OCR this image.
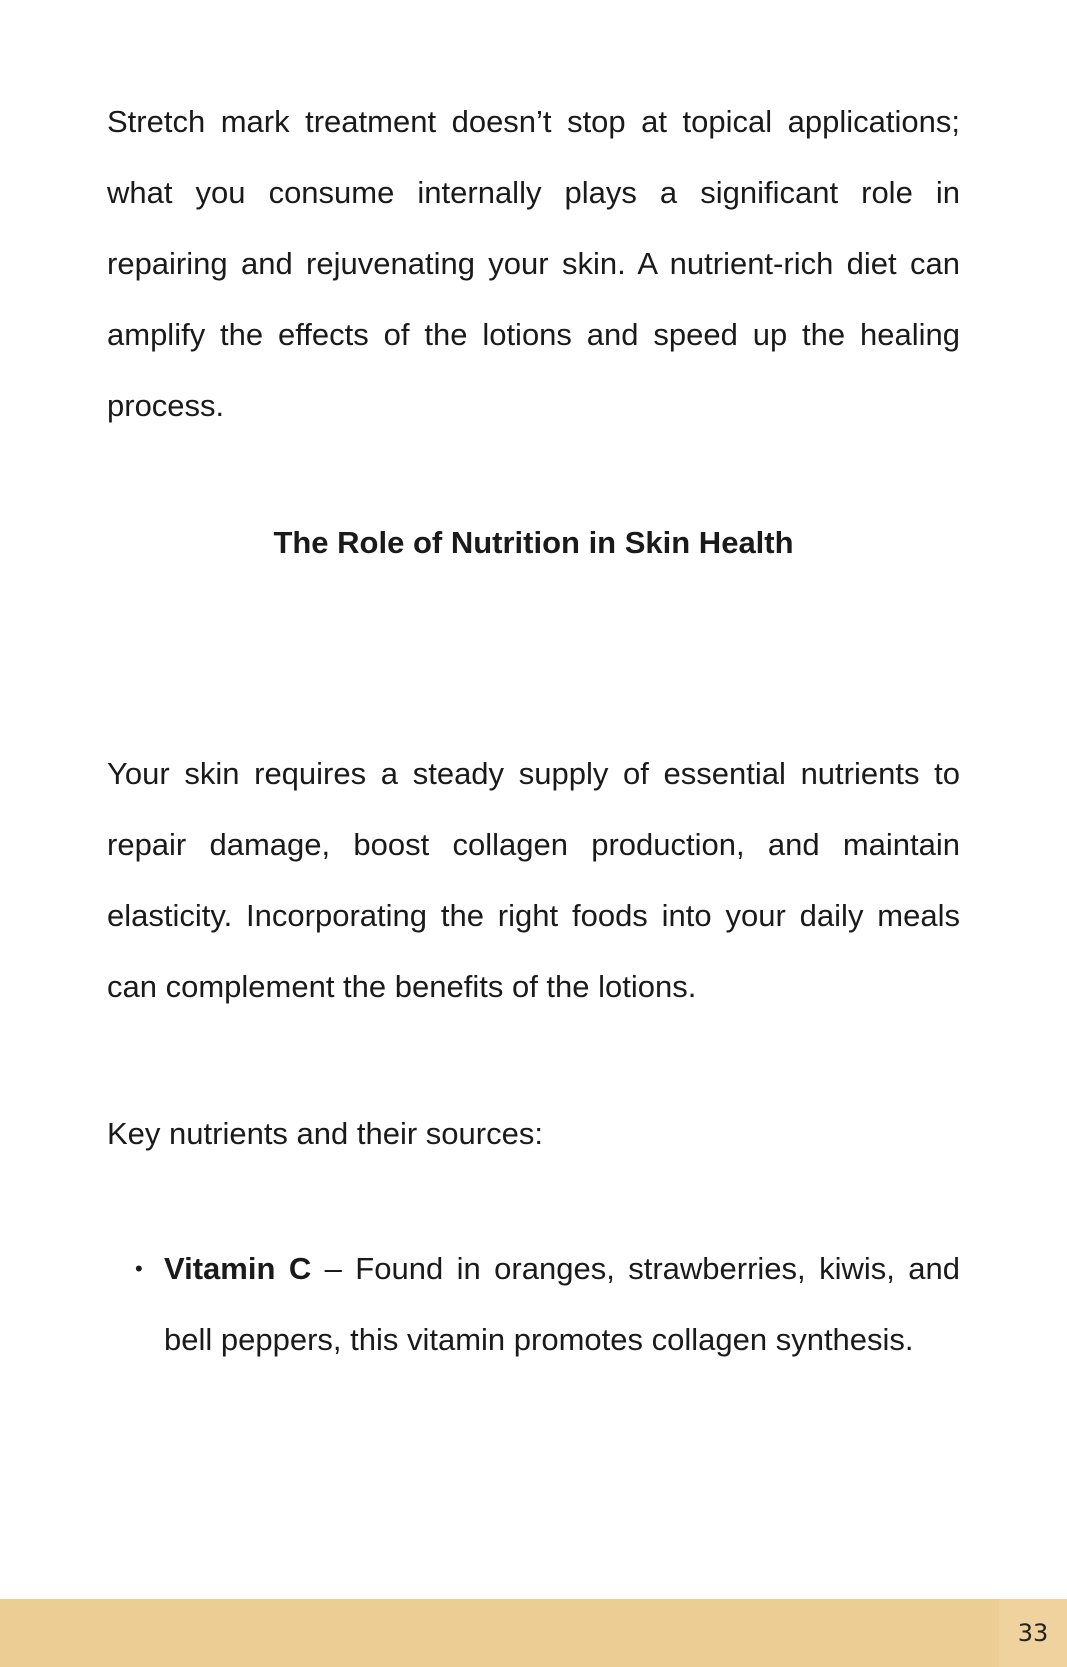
Stretch mark treatment doesn’t stop at topical applications; what you consume internally plays a significant role in repairing and rejuvenating your skin. A nutrient-rich diet can amplify the effects of the lotions and speed up the healing process.

The Role of Nutrition in Skin Health

Your skin requires a steady supply of essential nutrients to repair damage, boost collagen production, and maintain elasticity. Incorporating the right foods into your daily meals can complement the benefits of the lotions.

Key nutrients and their sources:

• Vitamin C – Found in oranges, strawberries, kiwis, and bell peppers, this vitamin promotes collagen synthesis.
33
